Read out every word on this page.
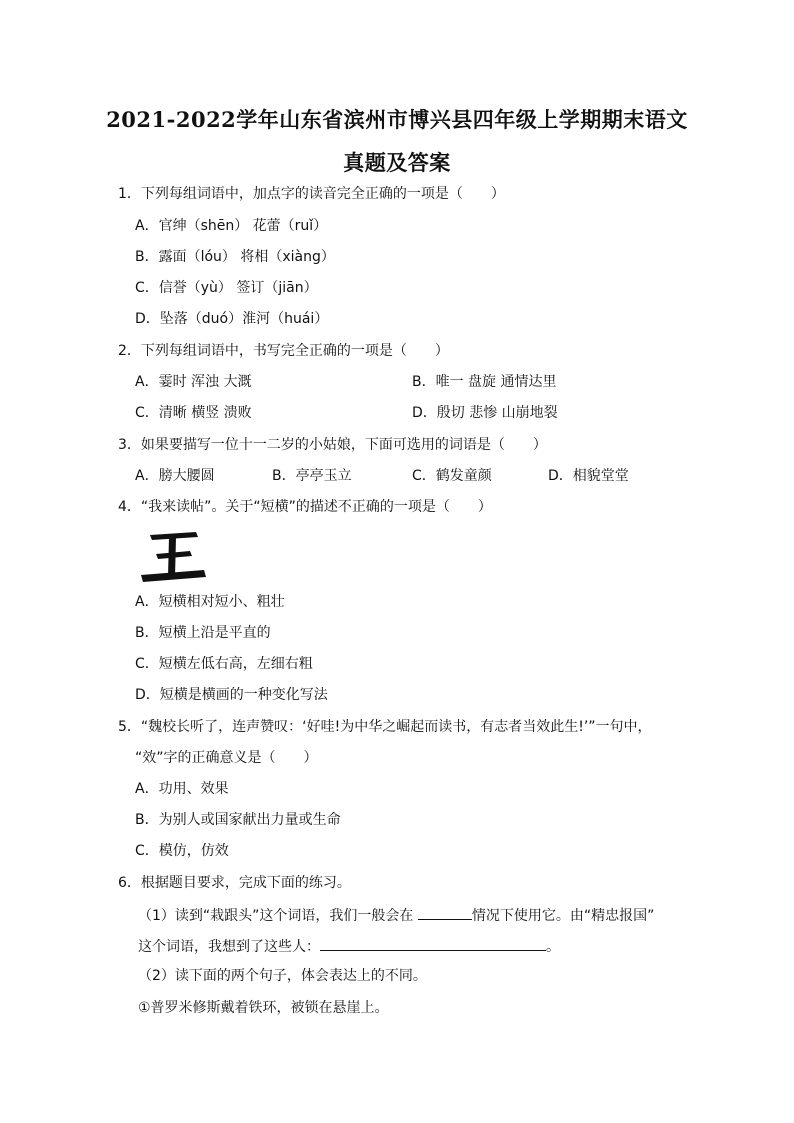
2021-2022学年山东省滨州市博兴县四年级上学期期末语文
真题及答案
1．下列每组词语中，加点字的读音完全正确的一项是（　　）
A．官绅（shēn） 花蕾（ruǐ）
B．露面（lóu） 将相（xiàng）
C．信誉（yù） 签订（jiān）
D．坠落（duó）淮河（huái）
2．下列每组词语中，书写完全正确的一项是（　　）
A．霎时 浑浊 大溉	B．唯一 盘旋 通情达里
C．清晰 横竖 溃败	D．殷切 悲惨 山崩地裂
3．如果要描写一位十一二岁的小姑娘，下面可选用的词语是（　　）
A．膀大腰圆	B．亭亭玉立	C．鹤发童颜	D．相貌堂堂
4．“我来读帖”。关于“短横”的描述不正确的一项是（　　）
A．短横相对短小、粗壮
B．短横上沿是平直的
C．短横左低右高，左细右粗
D．短横是横画的一种变化写法
5．“魏校长听了，连声赞叹：‘好哇!为中华之崛起而读书，有志者当效此生!’”一句中，
“效”字的正确意义是（　　）
A．功用、效果
B．为别人或国家献出力量或生命
C．模仿，仿效
6．根据题目要求，完成下面的练习。
（1）读到“栽跟头”这个词语，我们一般会在	情况下使用它。由“精忠报国”
这个词语，我想到了这些人：	。
（2）读下面的两个句子，体会表达上的不同。
①普罗米修斯戴着铁环，被锁在悬崖上。
